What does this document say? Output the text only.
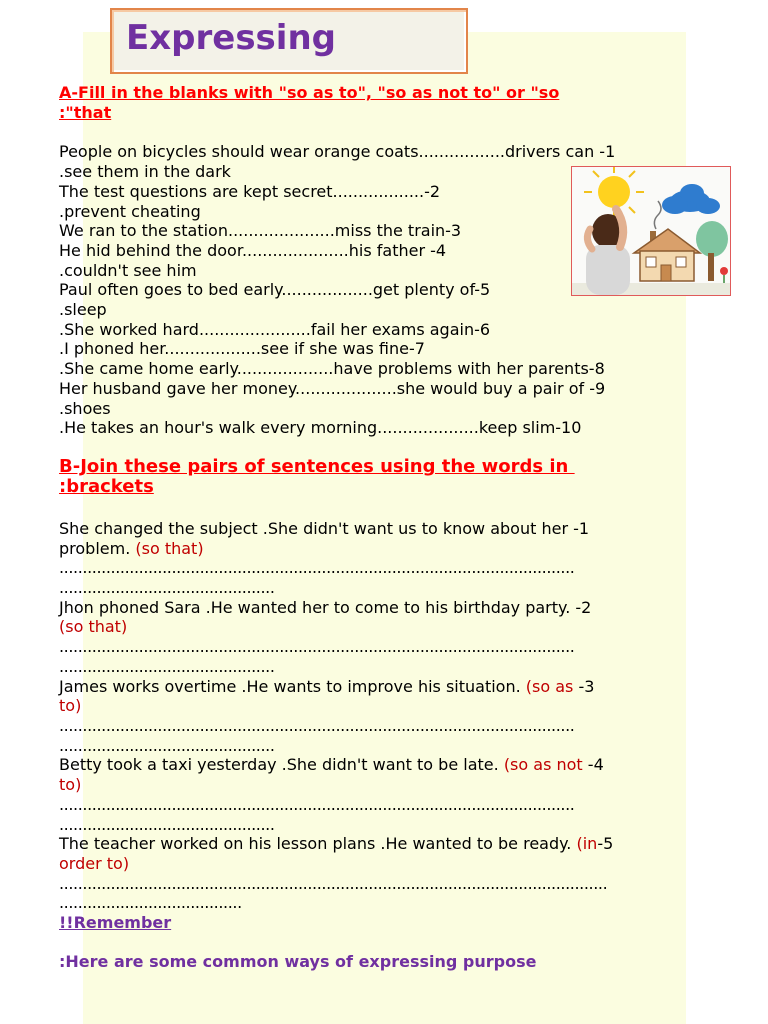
Expressing
A-Fill in the blanks with "so as to", "so as not to" or "so
:"that
People on bicycles should wear orange coats.................drivers can -1
.see them in the dark
The test questions are kept secret..................-2
.prevent cheating
We ran to the station.....................miss the train-3
He hid behind the door.....................his father -4
.couldn't see him
Paul often goes to bed early..................get plenty of-5
.sleep
.She worked hard......................fail her exams again-6
.I phoned her...................see if she was fine-7
.She came home early...................have problems with her parents-8
Her husband gave her money....................she would buy a pair of -9
.shoes
.He takes an hour's walk every morning....................keep slim-10
B-Join these pairs of sentences using the words in
:brackets
She changed the subject .She didn't want us to know about her -1
problem. (so that)
..............................................................................................................
..............................................
Jhon phoned Sara .He wanted her to come to his birthday party. -2
(so that)
..............................................................................................................
..............................................
James works overtime .He wants to improve his situation. (so as -3
to)
..............................................................................................................
..............................................
Betty took a taxi yesterday .She didn't want to be late. (so as not -4
to)
..............................................................................................................
..............................................
The teacher worked on his lesson plans .He wanted to be ready. (in-5
order to)
.....................................................................................................................
.......................................
!!Remember
:Here are some common ways of expressing purpose
